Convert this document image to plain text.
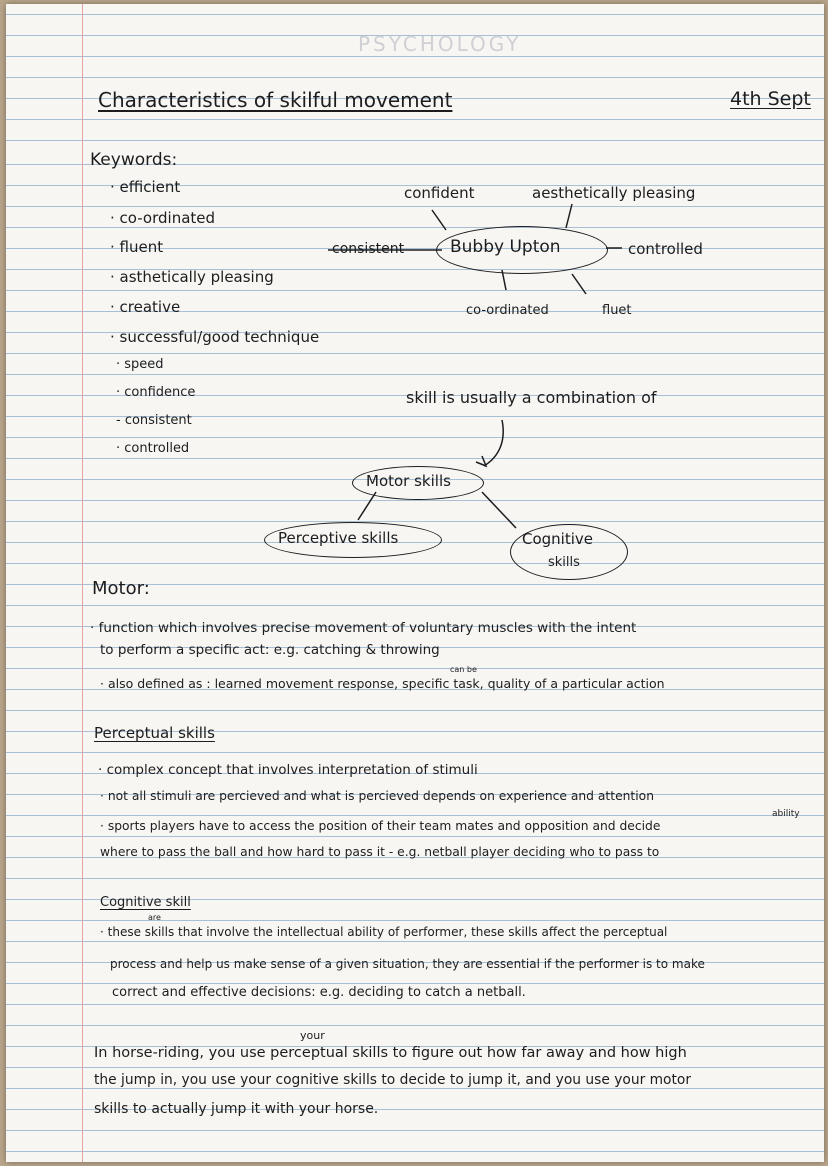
PSYCHOLOGY
Characteristics of skilful movement	4th Sept
Keywords:
· efficient
· co-ordinated
· fluent
· asthetically pleasing
· creative
· successful/good technique
· speed
· confidence
- consistent
· controlled
Bubby Upton
confident	aesthetically pleasing
consistent	controlled
co-ordinated	fluet
skill is usually a combination of
Motor skills
Perceptive skills	Cognitive
skills
Motor:
· function which involves precise movement of voluntary muscles with the intent
to perform a specific act: e.g. catching & throwing
can be
· also defined as : learned movement response, specific task, quality of a particular action
Perceptual skills
· complex concept that involves interpretation of stimuli
· not all stimuli are percieved and what is percieved depends on experience and attention
ability
· sports players have to access the position of their team mates and opposition and decide
where to pass the ball and how hard to pass it - e.g. netball player deciding who to pass to
Cognitive skill
are
· these skills that involve the intellectual ability of performer, these skills affect the perceptual
process and help us make sense of a given situation, they are essential if the performer is to make
correct and effective decisions: e.g. deciding to catch a netball.
your
In horse-riding, you use perceptual skills to figure out how far away and how high
the jump in, you use your cognitive skills to decide to jump it, and you use your motor
skills to actually jump it with your horse.
